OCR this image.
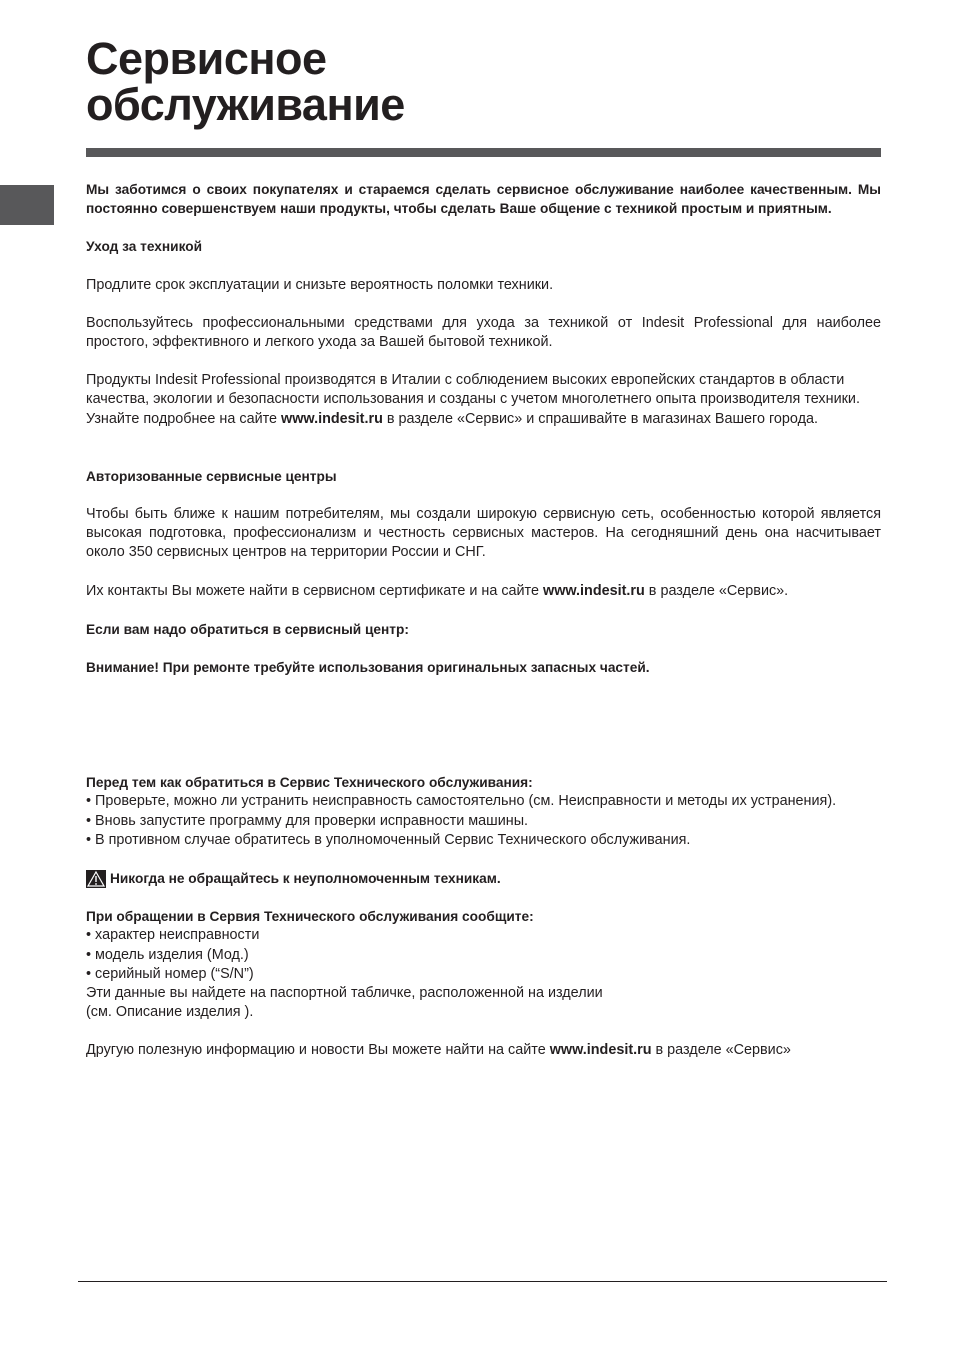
Сервисное
обслуживание

Мы заботимся о своих покупателях и стараемся сделать сервисное обслуживание наиболее качественным. Мы постоянно совершенствуем наши продукты, чтобы сделать Ваше общение с техникой простым и приятным.

Уход за техникой

Продлите срок эксплуатации и снизьте вероятность поломки техники.

Воспользуйтесь профессиональными средствами для ухода за техникой от Indesit Professional для наиболее простого, эффективного и легкого ухода за Вашей бытовой техникой.

Продукты Indesit Professional производятся в Италии с соблюдением высоких европейских стандартов в области качества, экологии и безопасности использования и созданы с учетом многолетнего опыта производителя техники. Узнайте подробнее на сайте www.indesit.ru в разделе «Сервис» и спрашивайте в магазинах Вашего города.

Авторизованные сервисные центры

Чтобы быть ближе к нашим потребителям, мы создали широкую сервисную сеть, особенностью которой является высокая подготовка, профессионализм и честность сервисных мастеров. На сегодняшний день она насчитывает около 350 сервисных центров на территории России и СНГ.

Их контакты Вы можете найти в сервисном сертификате и на сайте www.indesit.ru в разделе «Сервис».

Если вам надо обратиться в сервисный центр:

Внимание! При ремонте требуйте использования оригинальных запасных частей.

Перед тем как обратиться в Сервис Технического обслуживания:

• Проверьте, можно ли устранить неисправность самостоятельно (см. Неисправности и методы их устранения).
• Вновь запустите программу для проверки исправности машины.
• В противном случае обратитесь в уполномоченный Сервис Технического обслуживания.
Никогда не обращайтесь к неуполномоченным техникам.

При обращении в Сервия Технического обслуживания сообщите:

• характер неисправности
• модель изделия (Мод.)
• серийный номер (“S/N”)

Эти данные вы найдете на паспортной табличке, расположенной на изделии

(см. Описание изделия ).

Другую полезную информацию и новости Вы можете найти на сайте www.indesit.ru в разделе «Сервис»
